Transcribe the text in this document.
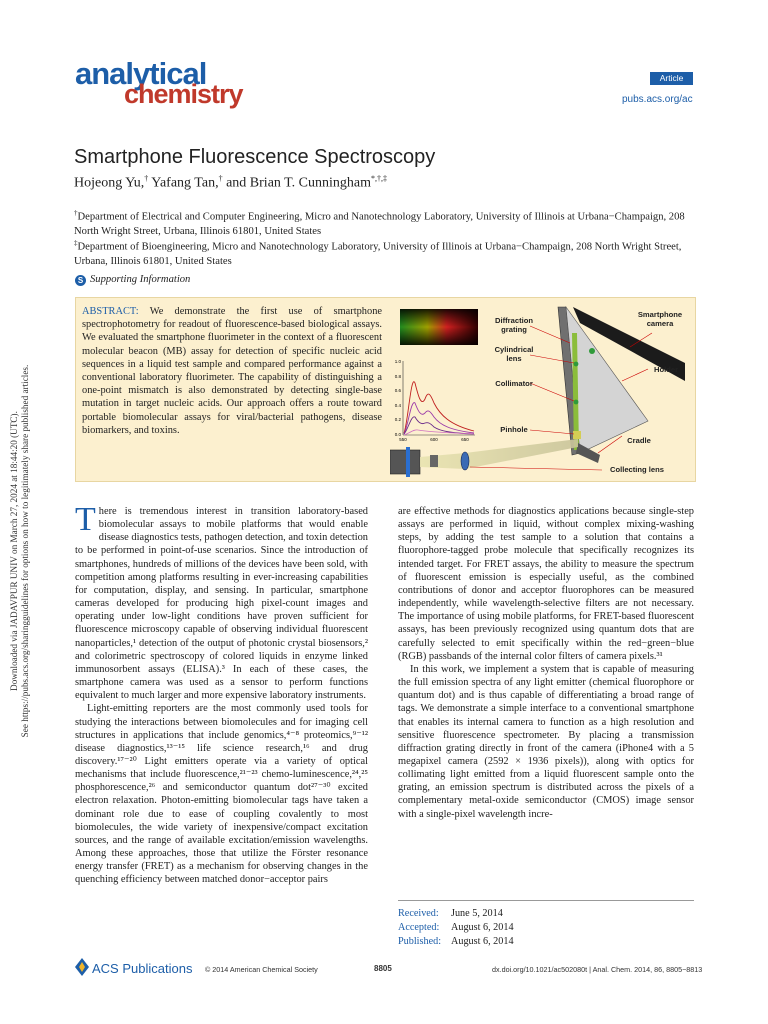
Downloaded via JADAVPUR UNIV on March 27, 2024 at 18:44:20 (UTC). See https://pubs.acs.org/sharingguidelines for options on how to legitimately share published articles.
analytical
chemistry
Article
pubs.acs.org/ac
Smartphone Fluorescence Spectroscopy
Hojeong Yu,† Yafang Tan,† and Brian T. Cunningham*,†,‡
†Department of Electrical and Computer Engineering, Micro and Nanotechnology Laboratory, University of Illinois at Urbana−Champaign, 208 North Wright Street, Urbana, Illinois 61801, United States
‡Department of Bioengineering, Micro and Nanotechnology Laboratory, University of Illinois at Urbana−Champaign, 208 North Wright Street, Urbana, Illinois 61801, United States
S Supporting Information
ABSTRACT: We demonstrate the first use of smartphone spectrophotometry for readout of fluorescence-based biological assays. We evaluated the smartphone fluorimeter in the context of a fluorescent molecular beacon (MB) assay for detection of specific nucleic acid sequences in a liquid test sample and compared performance against a conventional laboratory fluorimeter. The capability of distinguishing a one-point mismatch is also demonstrated by detecting single-base mutation in target nucleic acids. Our approach offers a route toward portable biomolecular assays for viral/bacterial pathogens, disease biomarkers, and toxins.
1.0
0.8
0.6
0.4
0.2
0.0
550	600	650
Diffraction grating
Cylindrical lens
Collimator
Pinhole
Smartphone camera
Holder
Cradle
Collecting lens

There is tremendous interest in transition laboratory-based biomolecular assays to mobile platforms that would enable disease diagnostics tests, pathogen detection, and toxin detection to be performed in point-of-use scenarios. Since the introduction of smartphones, hundreds of millions of the devices have been sold, with competition among platforms resulting in ever-increasing capabilities for computation, display, and sensing. In particular, smartphone cameras developed for producing high pixel-count images and operating under low-light conditions have proven sufficient for fluorescence microscopy capable of observing individual fluorescent nanoparticles,¹ detection of the output of photonic crystal biosensors,² and colorimetric spectroscopy of colored liquids in enzyme linked immunosorbent assays (ELISA).³ In each of these cases, the smartphone camera was used as a sensor to perform functions equivalent to much larger and more expensive laboratory instruments.

Light-emitting reporters are the most commonly used tools for studying the interactions between biomolecules and for imaging cell structures in applications that include genomics,⁴⁻⁸ proteomics,⁹⁻¹² disease diagnostics,¹³⁻¹⁵ life science research,¹⁶ and drug discovery.¹⁷⁻²⁰ Light emitters operate via a variety of optical mechanisms that include fluorescence,²¹⁻²³ chemo-luminescence,²⁴,²⁵ phosphorescence,²⁶ and semiconductor quantum dot²⁷⁻³⁰ excited electron relaxation. Photon-emitting biomolecular tags have taken a dominant role due to ease of coupling covalently to most biomolecules, the wide variety of inexpensive/compact excitation sources, and the range of available excitation/emission wavelengths. Among these approaches, those that utilize the Förster resonance energy transfer (FRET) as a mechanism for observing changes in the quenching efficiency between matched donor−acceptor pairs

are effective methods for diagnostics applications because single-step assays are performed in liquid, without complex mixing-washing steps, by adding the test sample to a solution that contains a fluorophore-tagged probe molecule that specifically recognizes its intended target. For FRET assays, the ability to measure the spectrum of fluorescent emission is especially useful, as the combined contributions of donor and acceptor fluorophores can be measured independently, while wavelength-selective filters are not necessary. The importance of using mobile platforms, for FRET-based fluorescent assays, has been previously recognized using quantum dots that are carefully selected to emit specifically within the red−green−blue (RGB) passbands of the internal color filters of camera pixels.³¹

In this work, we implement a system that is capable of measuring the full emission spectra of any light emitter (chemical fluorophore or quantum dot) and is thus capable of differentiating a broad range of tags. We demonstrate a simple interface to a conventional smartphone that enables its internal camera to function as a high resolution and sensitive fluorescence spectrometer. By placing a transmission diffraction grating directly in front of the camera (iPhone4 with a 5 megapixel camera (2592 × 1936 pixels)), along with optics for collimating light emitted from a liquid fluorescent sample onto the grating, an emission spectrum is distributed across the pixels of a complementary metal-oxide semiconductor (CMOS) image sensor with a single-pixel wavelength incre-

Received: June 5, 2014
Accepted: August 6, 2014
Published: August 6, 2014
ACS Publications © 2014 American Chemical Society	8805	dx.doi.org/10.1021/ac502080t | Anal. Chem. 2014, 86, 8805−8813
